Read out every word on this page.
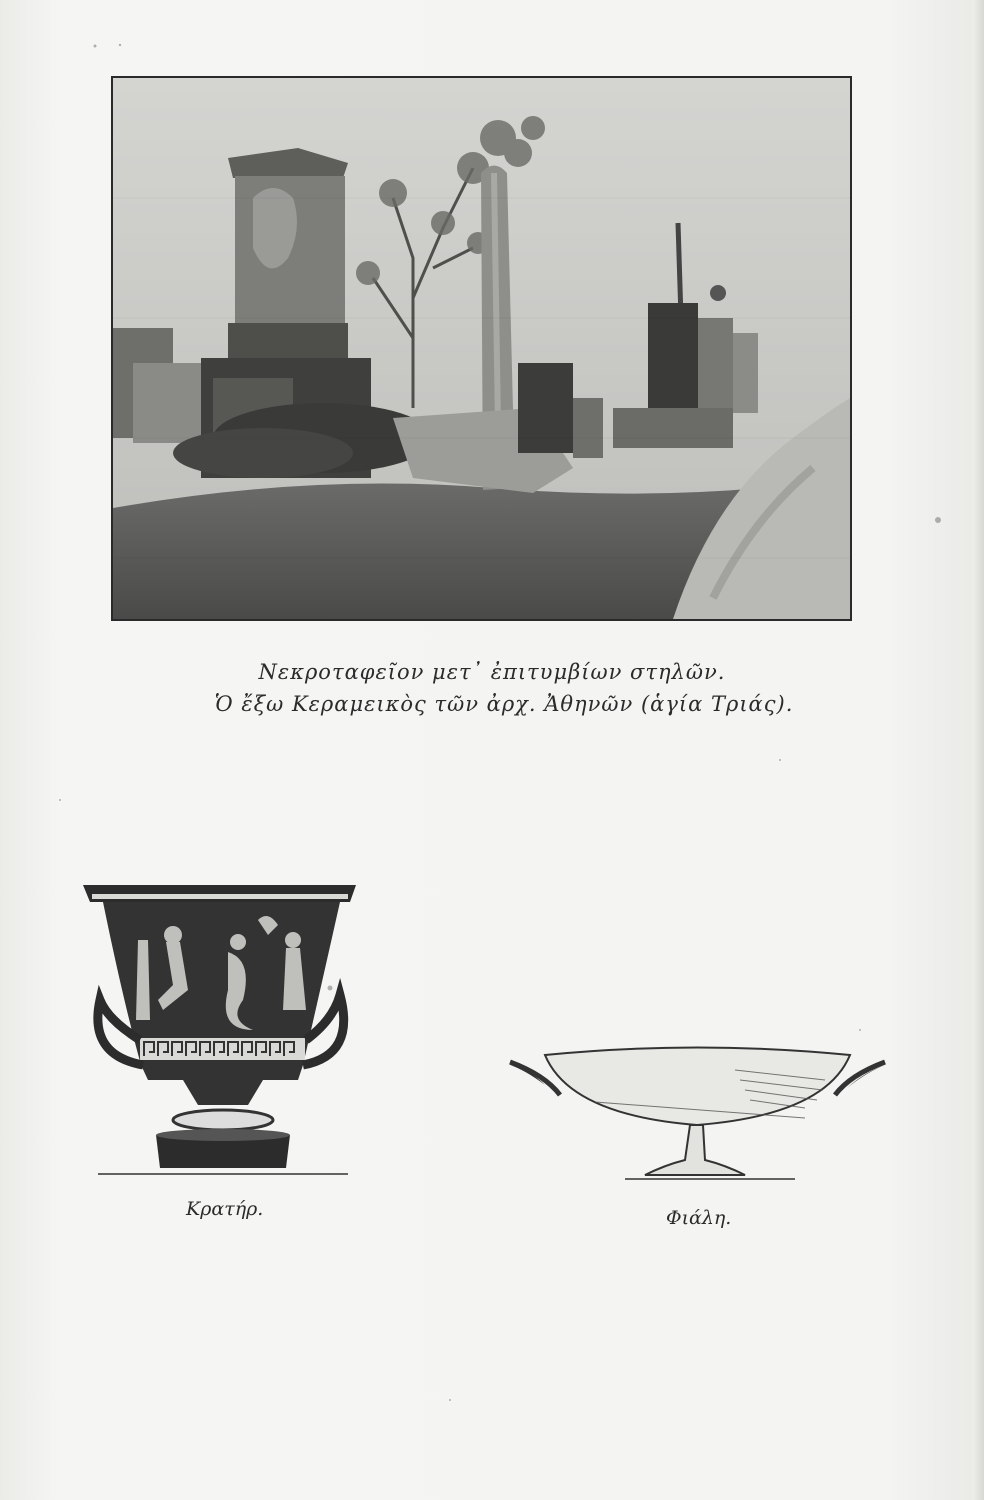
Νεκροταφεῖον μετ᾽ ἐπιτυμβίων στηλῶν.
Ὁ ἔξω Κεραμεικὸς τῶν ἀρχ. Ἀθηνῶν (ἁγία Τριάς).
Κρατήρ.	Φιάλη.
